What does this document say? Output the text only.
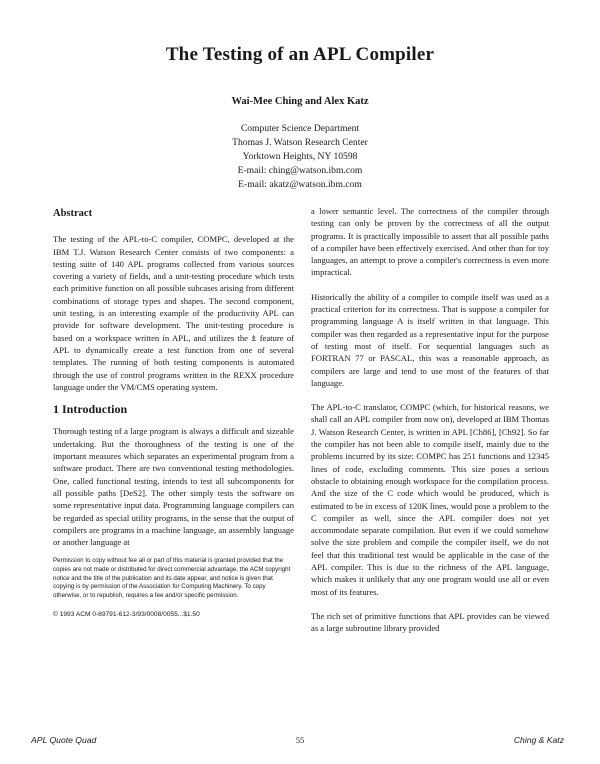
The Testing of an APL Compiler
Wai-Mee Ching and Alex Katz
Computer Science Department
Thomas J. Watson Research Center
Yorktown Heights, NY 10598
E-mail: ching@watson.ibm.com
E-mail: akatz@watson.ibm.com
Abstract

The testing of the APL-to-C compiler, COMPC, developed at the IBM T.J. Watson Research Center consists of two components: a testing suite of 140 APL programs collected from various sources covering a variety of fields, and a unit-testing procedure which tests each primitive function on all possible subcases arising from different combinations of storage types and shapes. The second component, unit testing, is an interesting example of the productivity APL can provide for software development. The unit-testing procedure is based on a workspace written in APL, and utilizes the ⍎ feature of APL to dynamically create a test function from one of several templates. The running of both testing components is automated through the use of control programs written in the REXX procedure language under the VM/CMS operating system.

1 Introduction

Thorough testing of a large program is always a difficult and sizeable undertaking. But the thoroughness of the testing is one of the important measures which separates an experimental program from a software product. There are two conventional testing methodologies. One, called functional testing, intends to test all subcomponents for all possible paths [DeS2]. The other simply tests the software on some representative input data. Programming language compilers can be regarded as special utility programs, in the sense that the output of compilers are programs in a machine language, an assembly language or another language at

Permission to copy without fee all or part of this material is granted provided that the copies are not made or distributed for direct commercial advantage, the ACM copyright notice and the title of the publication and its date appear, and notice is given that copying is by permission of the Association for Computing Machinery. To copy otherwise, or to republish, requires a fee and/or specific permission.
© 1993 ACM 0-89791-612-3/93/0008/0055...$1.50

a lower semantic level. The correctness of the compiler through testing can only be proven by the correctness of all the output programs. It is practically impossible to assert that all possible paths of a compiler have been effectively exercised. And other than for toy languages, an attempt to prove a compiler's correctness is even more impractical.

Historically the ability of a compiler to compile itself was used as a practical criterion for its correctness. That is suppose a compiler for programming language A is itself written in that language. This compiler was then regarded as a representative input for the purpose of testing most of itself. For sequential languages such as FORTRAN 77 or PASCAL, this was a reasonable approach, as compilers are large and tend to use most of the features of that language.

The APL-to-C translator, COMPC (which, for historical reasons, we shall call an APL compiler from now on), developed at IBM Thomas J. Watson Research Center, is written in APL [Ch86], [Ch92]. So far the compiler has not been able to compile itself, mainly due to the problems incurred by its size: COMPC has 251 functions and 12345 lines of code, excluding comments. This size poses a serious obstacle to obtaining enough workspace for the compilation process. And the size of the C code which would be produced, which is estimated to be in excess of 120K lines, would pose a problem to the C compiler as well, since the APL compiler does not yet accommodate separate compilation. But even if we could somehow solve the size problem and compile the compiler itself, we do not feel that this traditional test would be applicable in the case of the APL compiler. This is due to the richness of the APL language, which makes it unlikely that any one program would use all or even most of its features.

The rich set of primitive functions that APL provides can be viewed as a large subroutine library provided

APL Quote Quad	55	Ching & Katz
